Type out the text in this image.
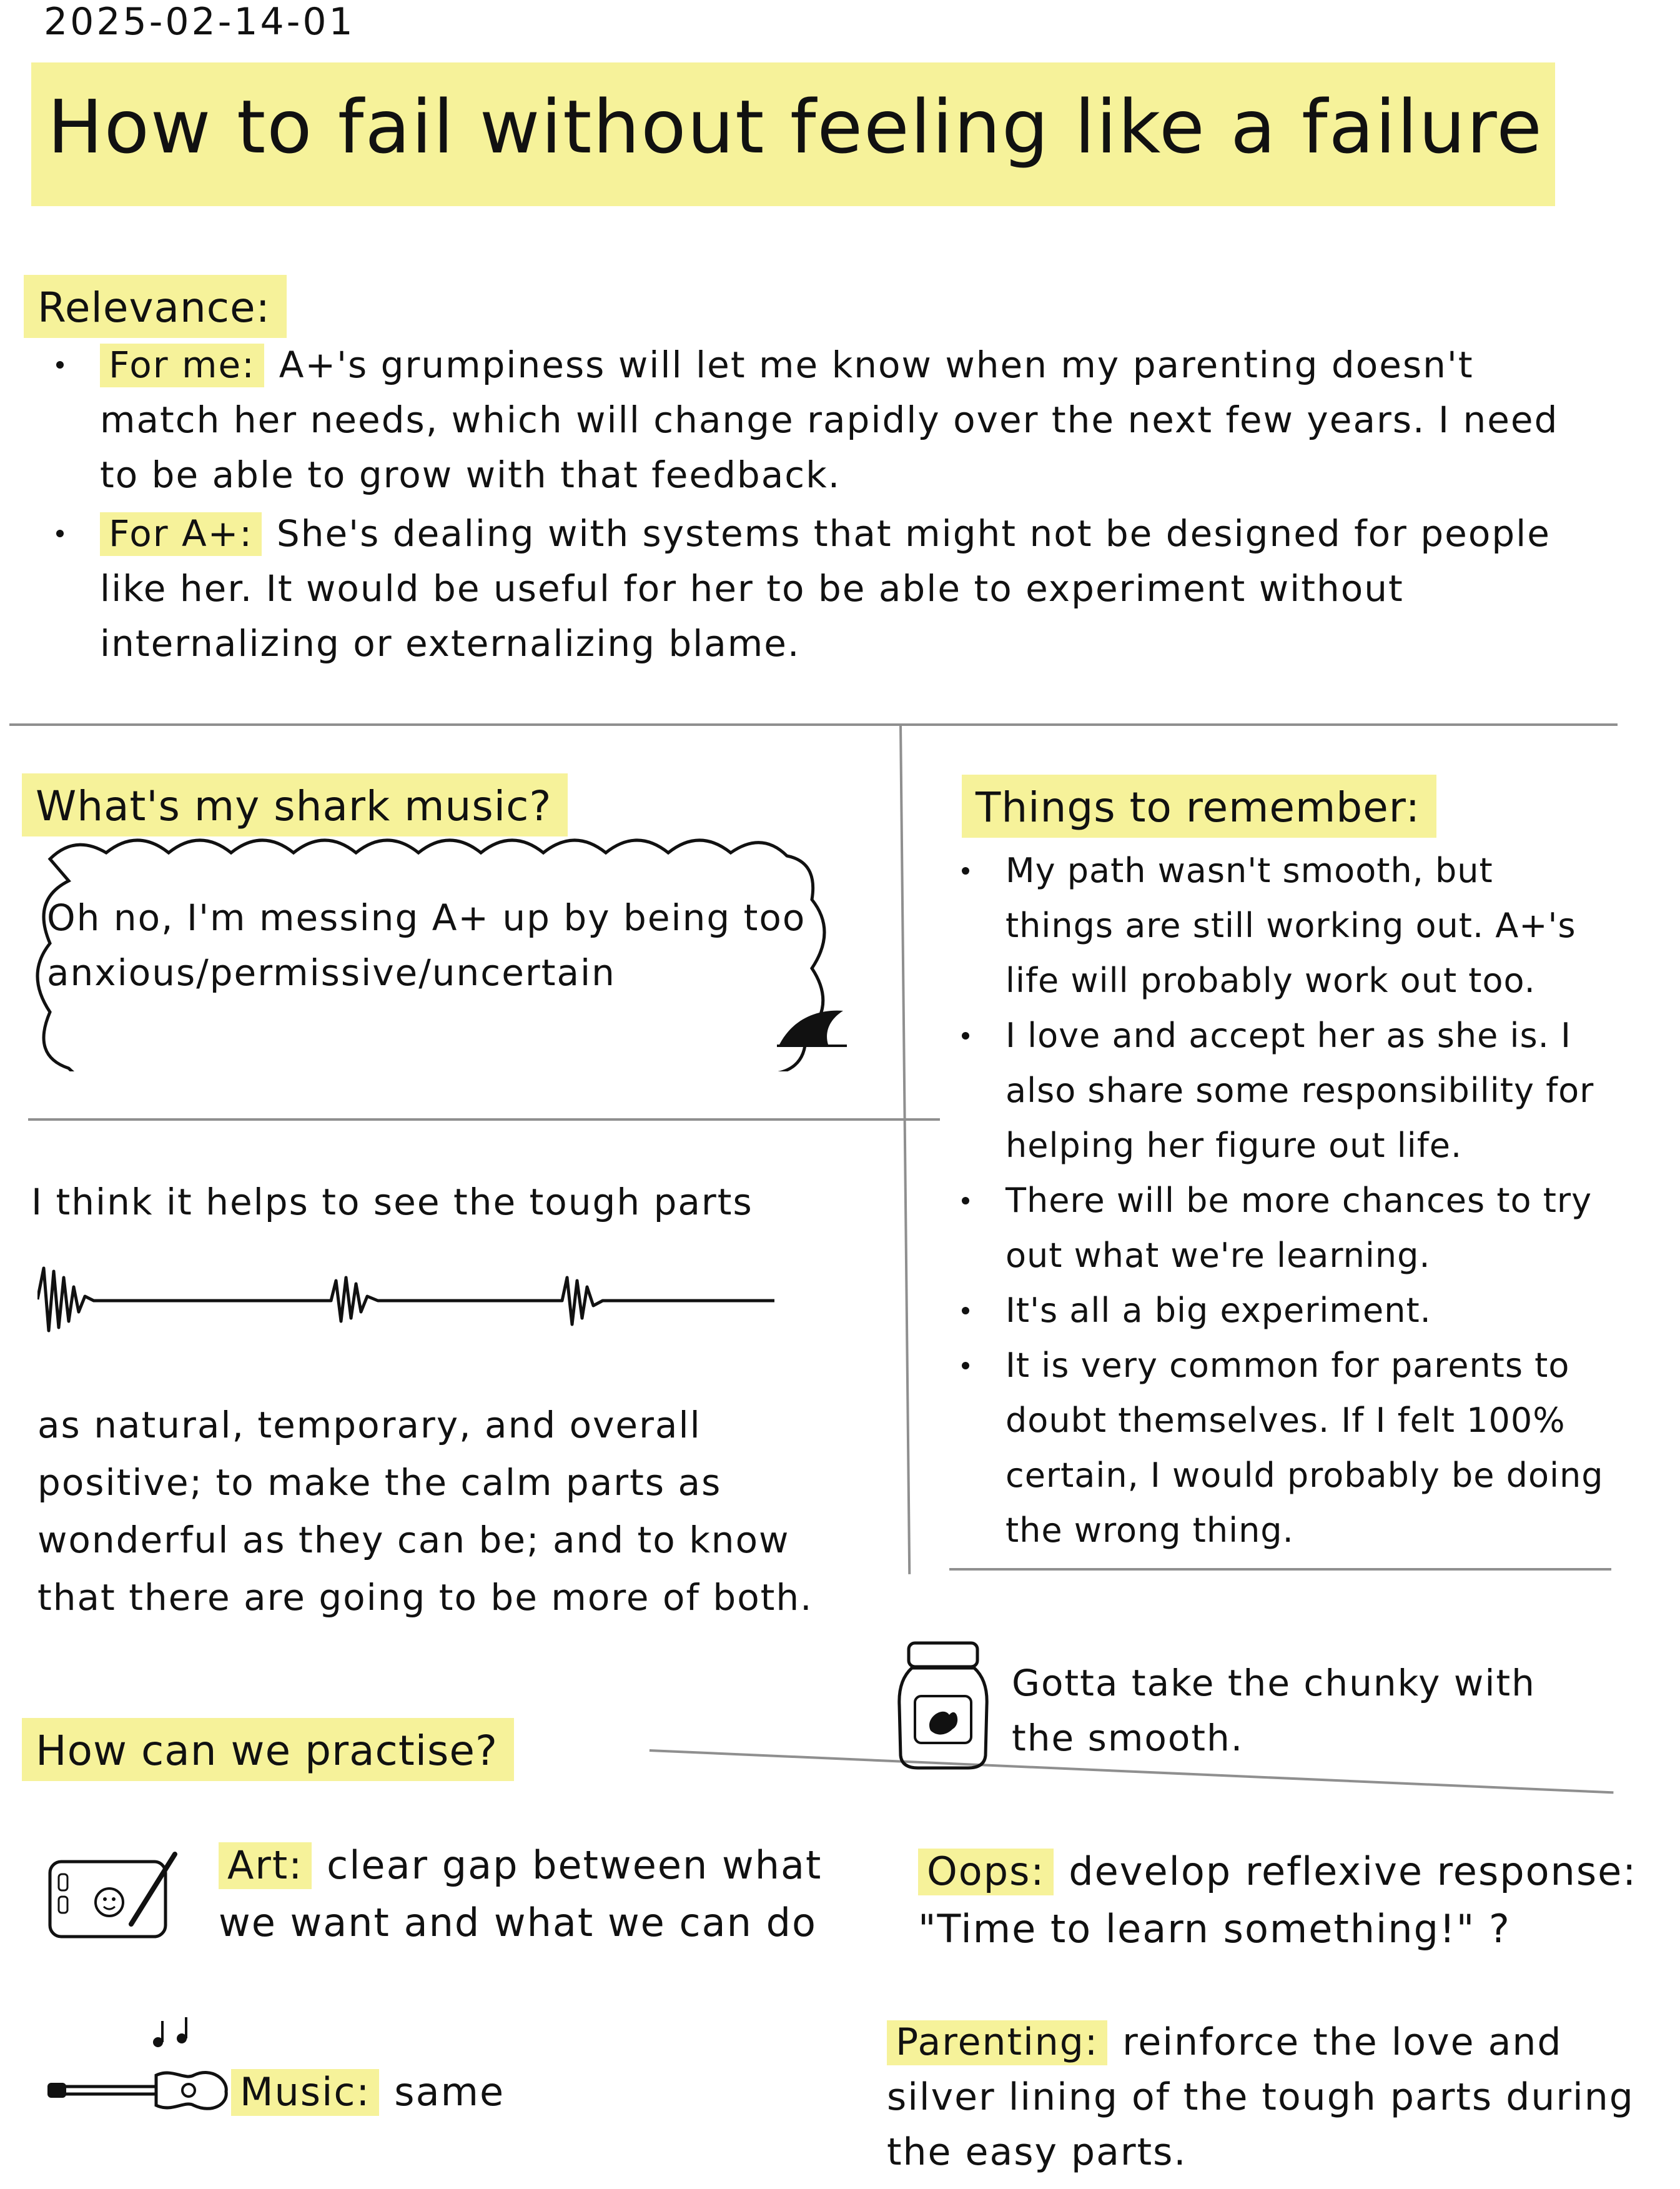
2025-02-14-01
How to fail without feeling like a failure
Relevance:
For me: A+'s grumpiness will let me know when my parenting doesn't match her needs, which will change rapidly over the next few years. I need to be able to grow with that feedback.
For A+: She's dealing with systems that might not be designed for people like her. It would be useful for her to be able to experiment without internalizing or externalizing blame.
What's my shark music?
Oh no, I'm messing A+ up by being too anxious/permissive/uncertain
I think it helps to see the tough parts
as natural, temporary, and overall positive; to make the calm parts as wonderful as they can be; and to know that there are going to be more of both.
Things to remember:
My path wasn't smooth, but things are still working out. A+'s life will probably work out too.
I love and accept her as she is. I also share some responsibility for helping her figure out life.
There will be more chances to try out what we're learning.
It's all a big experiment.
It is very common for parents to doubt themselves. If I felt 100% certain, I would probably be doing the wrong thing.
Gotta take the chunky with the smooth.
How can we practise?
Art: clear gap between what we want and what we can do
Music: same
Oops: develop reflexive response: "Time to learn something!" ?
Parenting: reinforce the love and silver lining of the tough parts during the easy parts.
